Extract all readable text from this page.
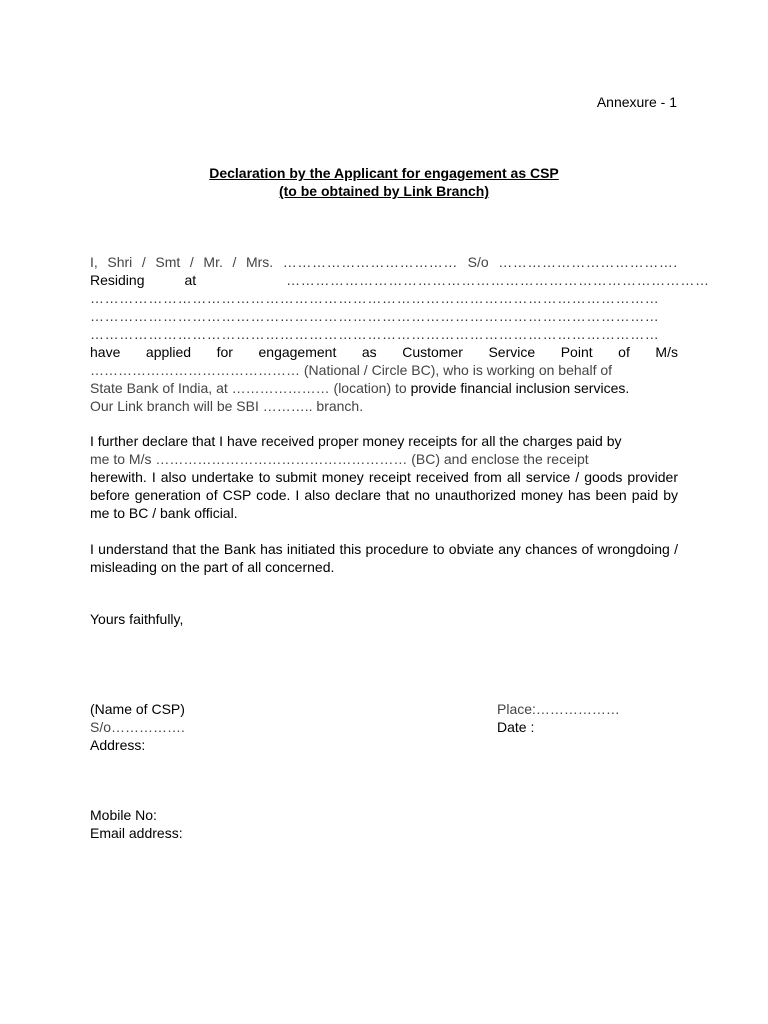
Annexure - 1
Declaration by the Applicant for engagement as CSP
(to be obtained by Link Branch)
I, Shri / Smt / Mr. / Mrs. ……………………………… S/o ……………………………….
Residing	at	……………………………………………………………………………
………………………………………………………………………………………………………
………………………………………………………………………………………………………
………………………………………………………………………………………………………
have applied for engagement as Customer Service Point of M/s
……………………………………… (National / Circle BC), who is working on behalf of
State Bank of India, at ………………… (location) to provide financial inclusion services.
Our Link branch will be SBI ……….. branch.
I further declare that I have received proper money receipts for all the charges paid by
me to M/s ……………………………………………… (BC) and enclose the receipt
herewith. I also undertake to submit money receipt received from all service / goods provider before generation of CSP code. I also declare that no unauthorized money has been paid by me to BC / bank official.
I understand that the Bank has initiated this procedure to obviate any chances of wrongdoing / misleading on the part of all concerned.
Yours faithfully,
(Name of CSP)
S/o…………….
Address:
Place:………………
Date :
Mobile No:
Email address:
